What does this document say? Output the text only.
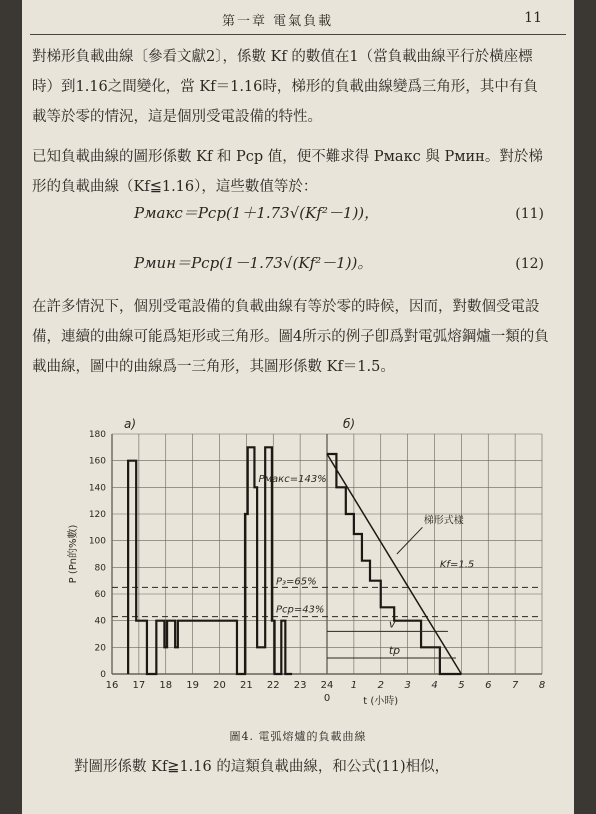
第一章 電氣負載	11

對梯形負載曲線〔參看文獻2〕，係數 Kf 的數值在1（當負載曲線平行於橫座標時）到1.16之間變化，當 Kf＝1.16時，梯形的負載曲線變爲三角形，其中有負載等於零的情況，這是個別受電設備的特性。

已知負載曲線的圖形係數 Kf 和 Pcp 值，便不難求得 Pмакс 與 Pмин。對於梯形的負載曲線（Kf≦1.16），這些數值等於：

Pмакс＝Pcp(1＋1.73√(Kf²－1))，	(11)
Pмин＝Pcp(1－1.73√(Kf²－1))。	(12)

在許多情況下，個別受電設備的負載曲線有等於零的時候，因而，對數個受電設備，連續的曲線可能爲矩形或三角形。圖4所示的例子卽爲對電弧熔鋼爐一類的負載曲線，圖中的曲線爲一三角形，其圖形係數 Kf＝1.5。

0
20
40
60
80
100
120
140
160
180
16 17 18 19 20 21 22 23 24 1 2 3 4 5 6 7 8
0	t (小時)
P (Pn的%數)
a)	б)
Pмакс=143%
P₃=65%
Pcp=43%
梯形式樣
Kf=1.5
v
tp
圖4. 電弧熔爐的負載曲線
對圖形係數 Kf≧1.16 的這類負載曲線，和公式(11)相似，
